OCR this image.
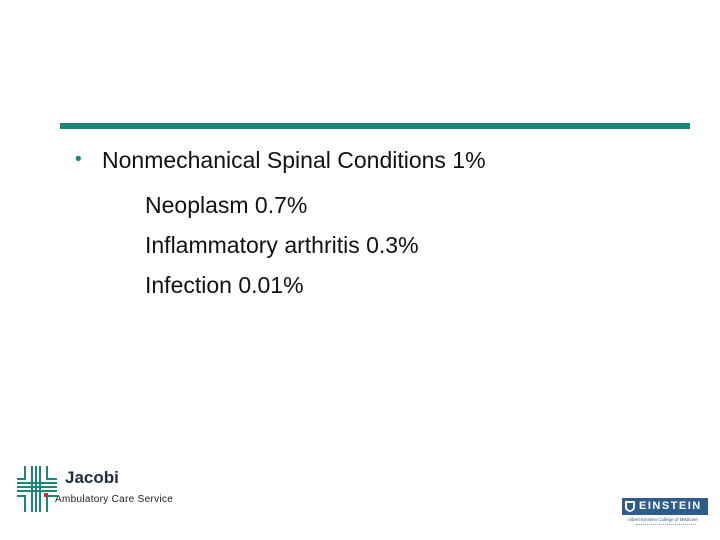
• Nonmechanical Spinal Conditions 1%
Neoplasm 0.7%
Inflammatory arthritis 0.3%
Infection 0.01%
Jacobi
Ambulatory Care Service
EINSTEIN
Albert Einstein College of Medicine
